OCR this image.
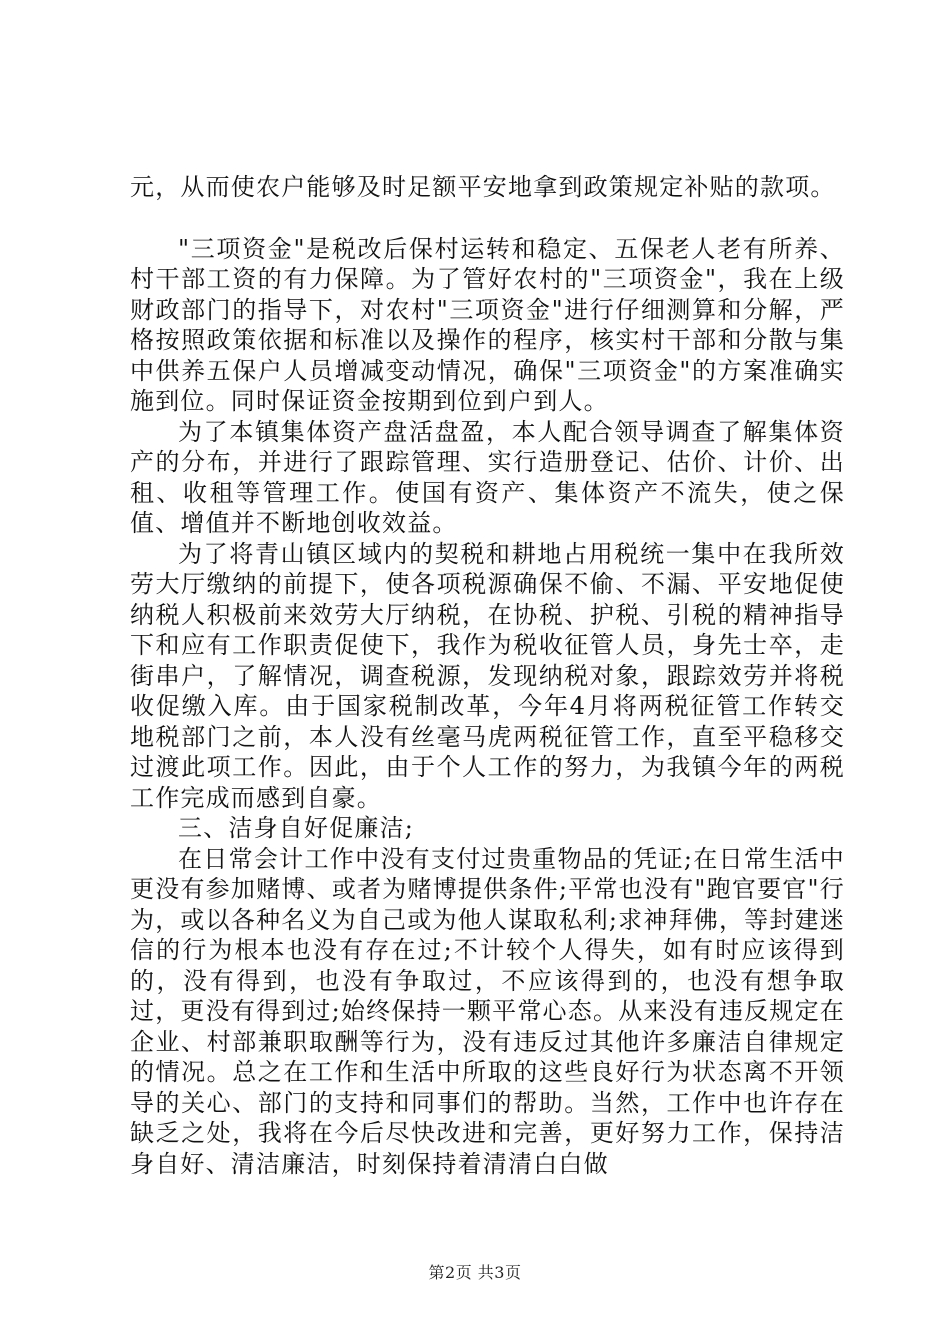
元，从而使农户能够及时足额平安地拿到政策规定补贴的款项。

"三项资金"是税改后保村运转和稳定、五保老人老有所养、村干部工资的有力保障。为了管好农村的"三项资金"，我在上级财政部门的指导下，对农村"三项资金"进行仔细测算和分解，严格按照政策依据和标准以及操作的程序，核实村干部和分散与集中供养五保户人员增减变动情况，确保"三项资金"的方案准确实施到位。同时保证资金按期到位到户到人。

为了本镇集体资产盘活盘盈，本人配合领导调查了解集体资产的分布，并进行了跟踪管理、实行造册登记、估价、计价、出租、收租等管理工作。使国有资产、集体资产不流失，使之保值、增值并不断地创收效益。

为了将青山镇区域内的契税和耕地占用税统一集中在我所效劳大厅缴纳的前提下，使各项税源确保不偷、不漏、平安地促使纳税人积极前来效劳大厅纳税，在协税、护税、引税的精神指导下和应有工作职责促使下，我作为税收征管人员，身先士卒，走街串户，了解情况，调查税源，发现纳税对象，跟踪效劳并将税收促缴入库。由于国家税制改革，今年4月将两税征管工作转交地税部门之前，本人没有丝毫马虎两税征管工作，直至平稳移交过渡此项工作。因此，由于个人工作的努力，为我镇今年的两税工作完成而感到自豪。

三、洁身自好促廉洁;

在日常会计工作中没有支付过贵重物品的凭证;在日常生活中更没有参加赌博、或者为赌博提供条件;平常也没有"跑官要官"行为，或以各种名义为自己或为他人谋取私利;求神拜佛，等封建迷信的行为根本也没有存在过;不计较个人得失，如有时应该得到的，没有得到，也没有争取过，不应该得到的，也没有想争取过，更没有得到过;始终保持一颗平常心态。从来没有违反规定在企业、村部兼职取酬等行为，没有违反过其他许多廉洁自律规定的情况。总之在工作和生活中所取的这些良好行为状态离不开领导的关心、部门的支持和同事们的帮助。当然，工作中也许存在缺乏之处，我将在今后尽快改进和完善，更好努力工作，保持洁身自好、清洁廉洁，时刻保持着清清白白做

第2页 共3页
